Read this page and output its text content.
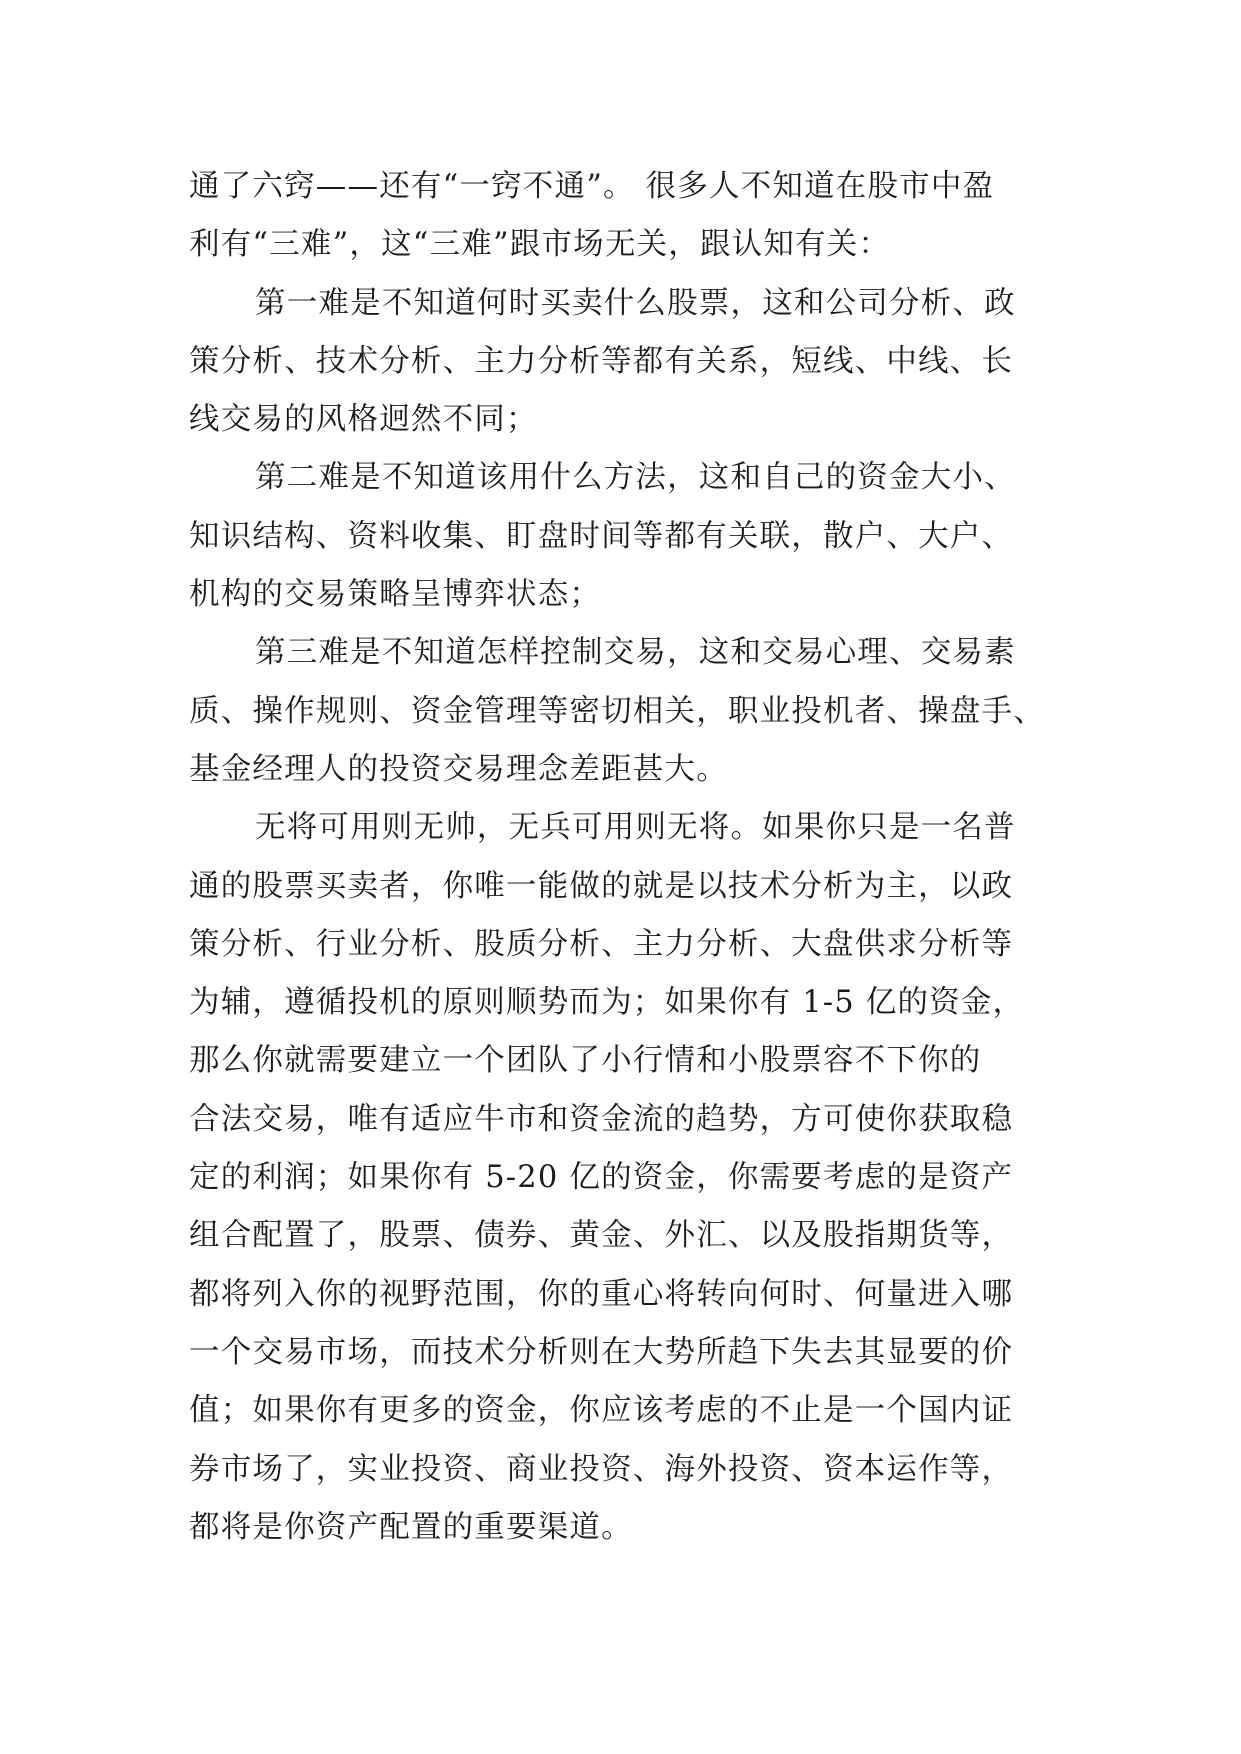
通了六窍——还有“一窍不通”。 很多人不知道在股市中盈
利有“三难”，这“三难”跟市场无关，跟认知有关：
第一难是不知道何时买卖什么股票，这和公司分析、政
策分析、技术分析、主力分析等都有关系，短线、中线、长
线交易的风格迥然不同；
第二难是不知道该用什么方法，这和自己的资金大小、
知识结构、资料收集、盯盘时间等都有关联，散户、大户、
机构的交易策略呈博弈状态；
第三难是不知道怎样控制交易，这和交易心理、交易素
质、操作规则、资金管理等密切相关，职业投机者、操盘手、
基金经理人的投资交易理念差距甚大。
无将可用则无帅，无兵可用则无将。如果你只是一名普
通的股票买卖者，你唯一能做的就是以技术分析为主，以政
策分析、行业分析、股质分析、主力分析、大盘供求分析等
为辅，遵循投机的原则顺势而为；如果你有 1-5 亿的资金，
那么你就需要建立一个团队了小行情和小股票容不下你的
合法交易，唯有适应牛市和资金流的趋势，方可使你获取稳
定的利润；如果你有 5-20 亿的资金，你需要考虑的是资产
组合配置了，股票、债券、黄金、外汇、以及股指期货等，
都将列入你的视野范围，你的重心将转向何时、何量进入哪
一个交易市场，而技术分析则在大势所趋下失去其显要的价
值；如果你有更多的资金，你应该考虑的不止是一个国内证
券市场了，实业投资、商业投资、海外投资、资本运作等，
都将是你资产配置的重要渠道。
